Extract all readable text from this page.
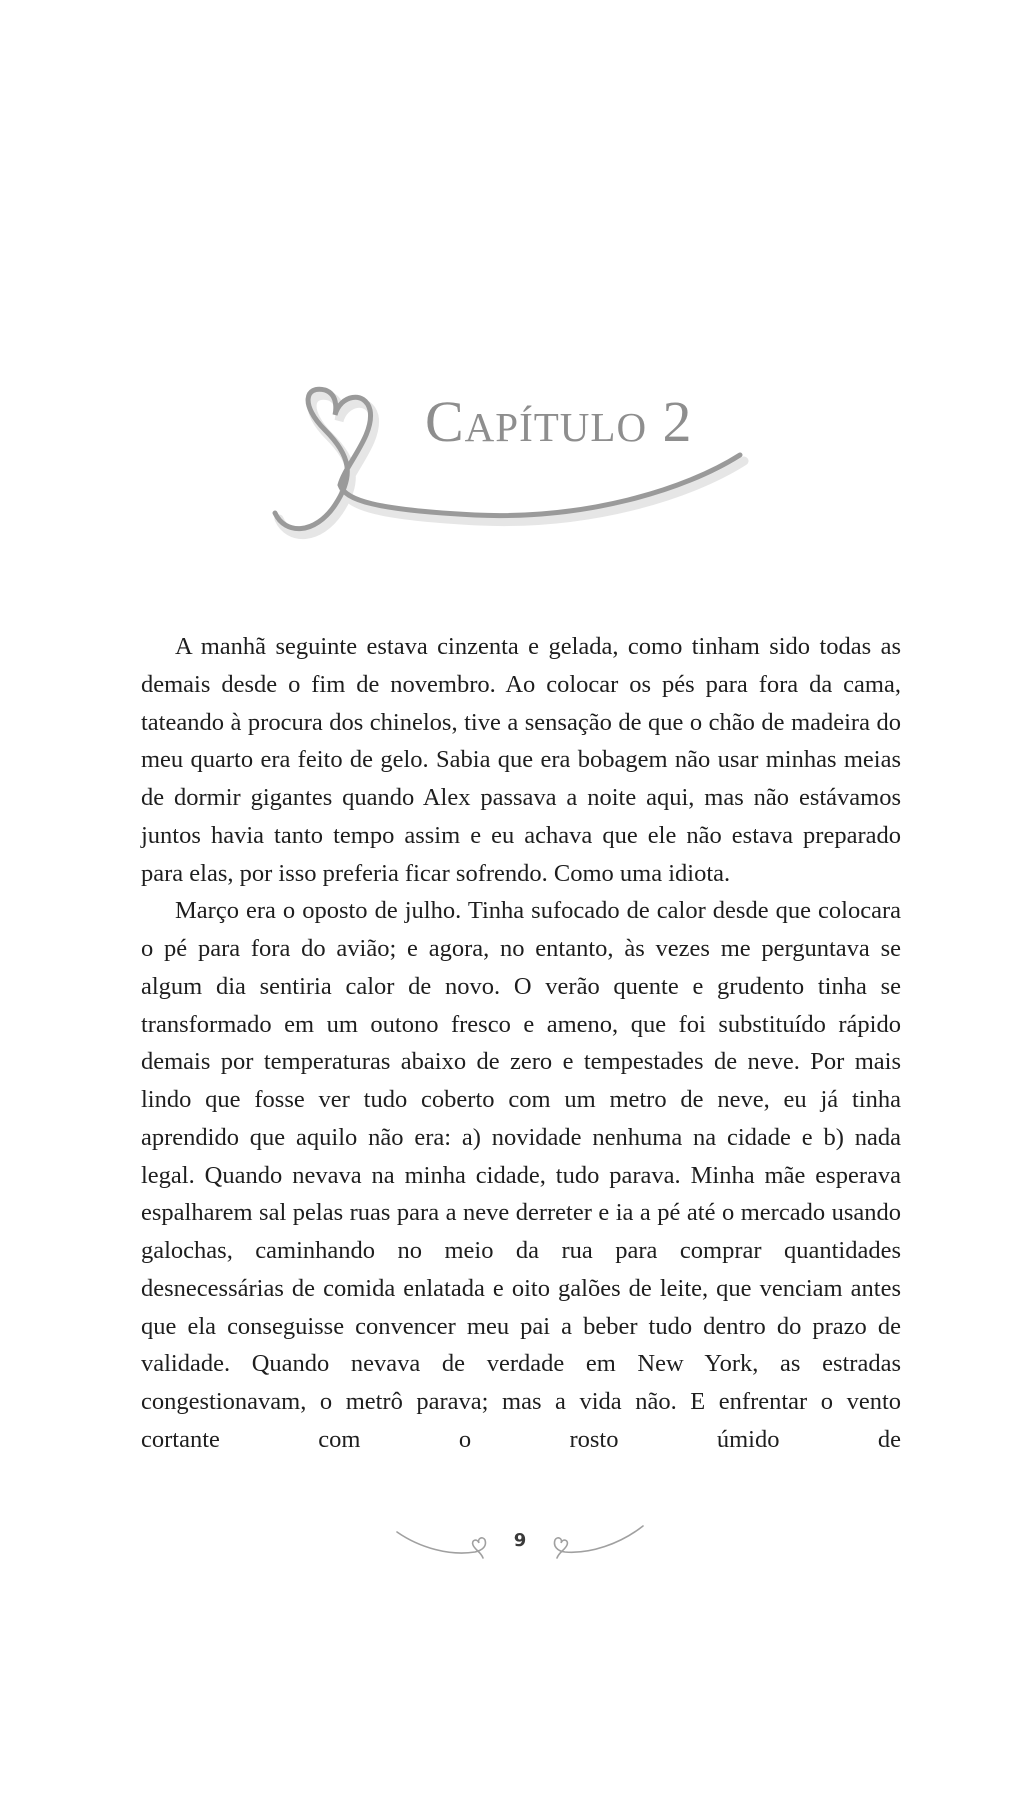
Capítulo 2

A manhã seguinte estava cinzenta e gelada, como tinham sido todas as demais desde o fim de novembro. Ao colocar os pés para fora da cama, tateando à procura dos chinelos, tive a sensação de que o chão de madeira do meu quarto era feito de gelo. Sabia que era bobagem não usar minhas meias de dormir gigantes quando Alex passava a noite aqui, mas não estávamos juntos havia tanto tempo assim e eu achava que ele não estava preparado para elas, por isso preferia ficar sofrendo. Como uma idiota.

Março era o oposto de julho. Tinha sufocado de calor desde que colocara o pé para fora do avião; e agora, no entanto, às vezes me perguntava se algum dia sentiria calor de novo. O verão quente e grudento tinha se transformado em um outono fresco e ameno, que foi substituído rápido demais por temperaturas abaixo de zero e tempestades de neve. Por mais lindo que fosse ver tudo coberto com um metro de neve, eu já tinha aprendido que aquilo não era: a) novidade nenhuma na cidade e b) nada legal. Quando nevava na minha cidade, tudo parava. Minha mãe esperava espalharem sal pelas ruas para a neve derreter e ia a pé até o mercado usando galochas, caminhando no meio da rua para comprar quantidades desnecessárias de comida enlatada e oito galões de leite, que venciam antes que ela conseguisse convencer meu pai a beber tudo dentro do prazo de validade. Quando nevava de verdade em New York, as estradas congestionavam, o metrô parava; mas a vida não. E enfrentar o vento cortante com o rosto úmido de

9
